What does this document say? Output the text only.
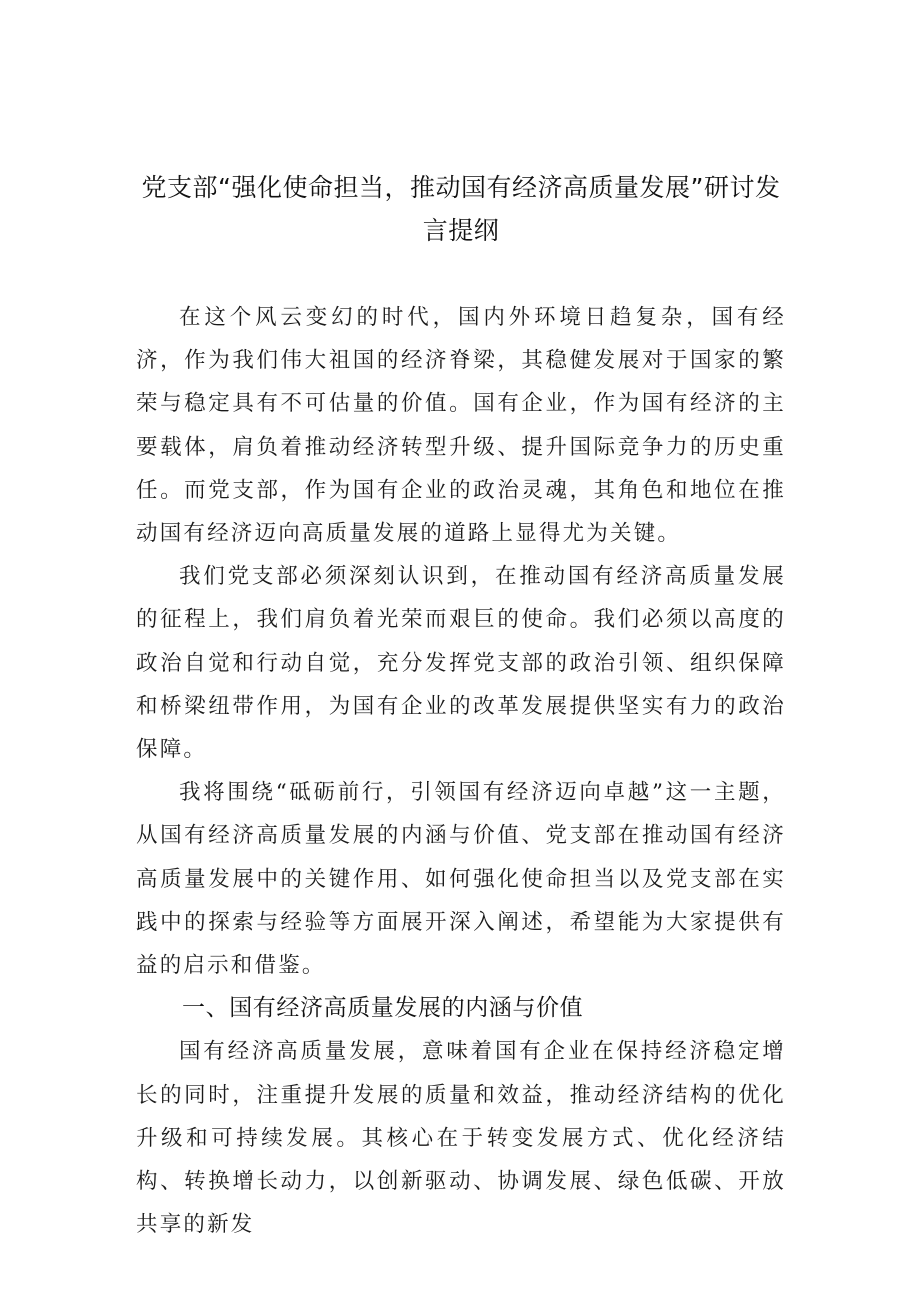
党支部“强化使命担当，推动国有经济高质量发展”研讨发
言提纲

在这个风云变幻的时代，国内外环境日趋复杂，国有经济，作为我们伟大祖国的经济脊梁，其稳健发展对于国家的繁荣与稳定具有不可估量的价值。国有企业，作为国有经济的主要载体，肩负着推动经济转型升级、提升国际竞争力的历史重任。而党支部，作为国有企业的政治灵魂，其角色和地位在推动国有经济迈向高质量发展的道路上显得尤为关键。

我们党支部必须深刻认识到，在推动国有经济高质量发展的征程上，我们肩负着光荣而艰巨的使命。我们必须以高度的政治自觉和行动自觉，充分发挥党支部的政治引领、组织保障和桥梁纽带作用，为国有企业的改革发展提供坚实有力的政治保障。

我将围绕“砥砺前行，引领国有经济迈向卓越”这一主题，从国有经济高质量发展的内涵与价值、党支部在推动国有经济高质量发展中的关键作用、如何强化使命担当以及党支部在实践中的探索与经验等方面展开深入阐述，希望能为大家提供有益的启示和借鉴。

一、国有经济高质量发展的内涵与价值

国有经济高质量发展，意味着国有企业在保持经济稳定增长的同时，注重提升发展的质量和效益，推动经济结构的优化升级和可持续发展。其核心在于转变发展方式、优化经济结构、转换增长动力，以创新驱动、协调发展、绿色低碳、开放共享的新发
